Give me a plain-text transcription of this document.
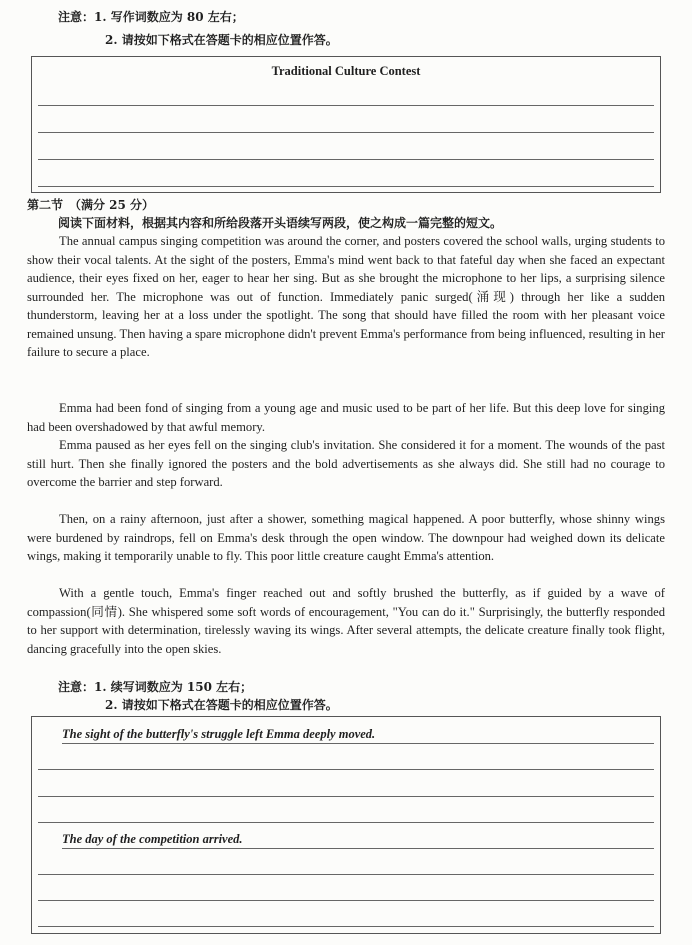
注意：1. 写作词数应为 80 左右；
2. 请按如下格式在答题卡的相应位置作答。
Traditional Culture Contest
第二节　（满分 25 分）
阅读下面材料，根据其内容和所给段落开头语续写两段，使之构成一篇完整的短文。

The annual campus singing competition was around the corner, and posters covered the school walls, urging students to show their vocal talents. At the sight of the posters, Emma's mind went back to that fateful day when she faced an expectant audience, their eyes fixed on her, eager to hear her sing. But as she brought the microphone to her lips, a surprising silence surrounded her. The microphone was out of function. Immediately panic surged(涌现) through her like a sudden thunderstorm, leaving her at a loss under the spotlight. The song that should have filled the room with her pleasant voice remained unsung. Then having a spare microphone didn't prevent Emma's performance from being influenced, resulting in her failure to secure a place.

Emma had been fond of singing from a young age and music used to be part of her life. But this deep love for singing had been overshadowed by that awful memory.

Emma paused as her eyes fell on the singing club's invitation. She considered it for a moment. The wounds of the past still hurt. Then she finally ignored the posters and the bold advertisements as she always did. She still had no courage to overcome the barrier and step forward.

Then, on a rainy afternoon, just after a shower, something magical happened. A poor butterfly, whose shinny wings were burdened by raindrops, fell on Emma's desk through the open window. The downpour had weighed down its delicate wings, making it temporarily unable to fly. This poor little creature caught Emma's attention.

With a gentle touch, Emma's finger reached out and softly brushed the butterfly, as if guided by a wave of compassion(同情). She whispered some soft words of encouragement, "You can do it." Surprisingly, the butterfly responded to her support with determination, tirelessly waving its wings. After several attempts, the delicate creature finally took flight, dancing gracefully into the open skies.

注意：1. 续写词数应为 150 左右；
2. 请按如下格式在答题卡的相应位置作答。
The sight of the butterfly's struggle left Emma deeply moved.
The day of the competition arrived.
